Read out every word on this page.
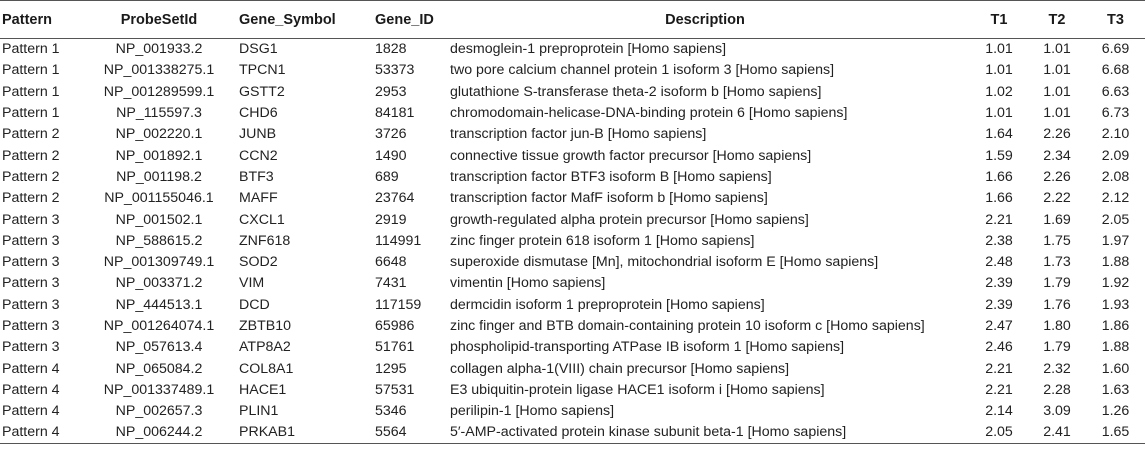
Pattern	ProbeSetId	Gene_Symbol	Gene_ID	Description	T1	T2	T3
Pattern 1	NP_001933.2	DSG1	1828	desmoglein-1 preproprotein [Homo sapiens]	1.01	1.01	6.69
Pattern 1	NP_001338275.1	TPCN1	53373	two pore calcium channel protein 1 isoform 3 [Homo sapiens]	1.01	1.01	6.68
Pattern 1	NP_001289599.1	GSTT2	2953	glutathione S-transferase theta-2 isoform b [Homo sapiens]	1.02	1.01	6.63
Pattern 1	NP_115597.3	CHD6	84181	chromodomain-helicase-DNA-binding protein 6 [Homo sapiens]	1.01	1.01	6.73
Pattern 2	NP_002220.1	JUNB	3726	transcription factor jun-B [Homo sapiens]	1.64	2.26	2.10
Pattern 2	NP_001892.1	CCN2	1490	connective tissue growth factor precursor [Homo sapiens]	1.59	2.34	2.09
Pattern 2	NP_001198.2	BTF3	689	transcription factor BTF3 isoform B [Homo sapiens]	1.66	2.26	2.08
Pattern 2	NP_001155046.1	MAFF	23764	transcription factor MafF isoform b [Homo sapiens]	1.66	2.22	2.12
Pattern 3	NP_001502.1	CXCL1	2919	growth-regulated alpha protein precursor [Homo sapiens]	2.21	1.69	2.05
Pattern 3	NP_588615.2	ZNF618	114991	zinc finger protein 618 isoform 1 [Homo sapiens]	2.38	1.75	1.97
Pattern 3	NP_001309749.1	SOD2	6648	superoxide dismutase [Mn], mitochondrial isoform E [Homo sapiens]	2.48	1.73	1.88
Pattern 3	NP_003371.2	VIM	7431	vimentin [Homo sapiens]	2.39	1.79	1.92
Pattern 3	NP_444513.1	DCD	117159	dermcidin isoform 1 preproprotein [Homo sapiens]	2.39	1.76	1.93
Pattern 3	NP_001264074.1	ZBTB10	65986	zinc finger and BTB domain-containing protein 10 isoform c [Homo sapiens]	2.47	1.80	1.86
Pattern 3	NP_057613.4	ATP8A2	51761	phospholipid-transporting ATPase IB isoform 1 [Homo sapiens]	2.46	1.79	1.88
Pattern 4	NP_065084.2	COL8A1	1295	collagen alpha-1(VIII) chain precursor [Homo sapiens]	2.21	2.32	1.60
Pattern 4	NP_001337489.1	HACE1	57531	E3 ubiquitin-protein ligase HACE1 isoform i [Homo sapiens]	2.21	2.28	1.63
Pattern 4	NP_002657.3	PLIN1	5346	perilipin-1 [Homo sapiens]	2.14	3.09	1.26
Pattern 4	NP_006244.2	PRKAB1	5564	5′-AMP-activated protein kinase subunit beta-1 [Homo sapiens]	2.05	2.41	1.65
